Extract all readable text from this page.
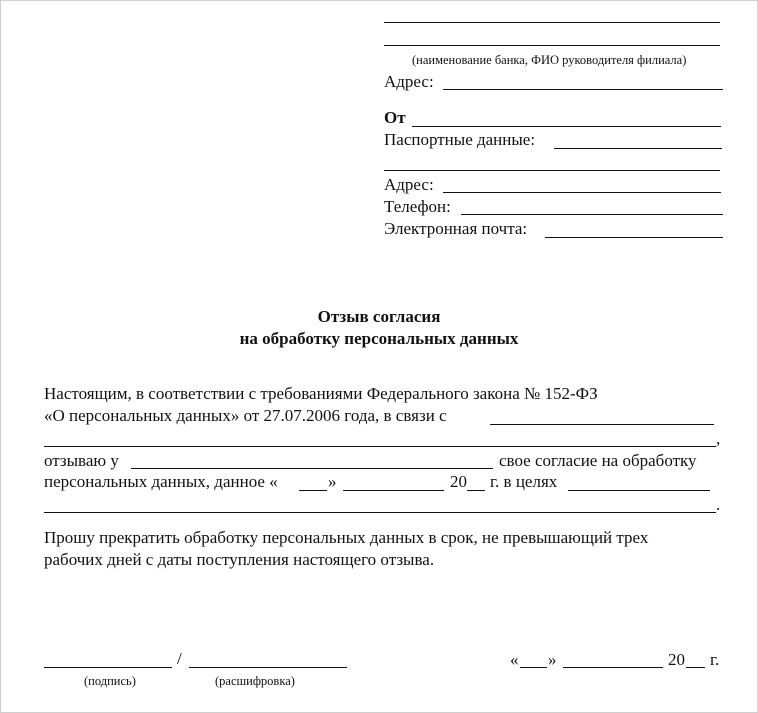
(наименование банка, ФИО руководителя филиала)
Адрес:
От
Паспортные данные:
Адрес:
Телефон:
Электронная почта:
Отзыв согласия
на обработку персональных данных
Настоящим, в соответствии с требованиями Федерального закона № 152-ФЗ
«О персональных данных» от 27.07.2006 года, в связи с
,
отзываю у	свое согласие на обработку
персональных данных, данное «	»	20 г. в целях
.
Прошу прекратить обработку персональных данных в срок, не превышающий трех
рабочих дней с даты поступления настоящего отзыва.
/
(подпись)	(расшифровка)
« »	20 г.
